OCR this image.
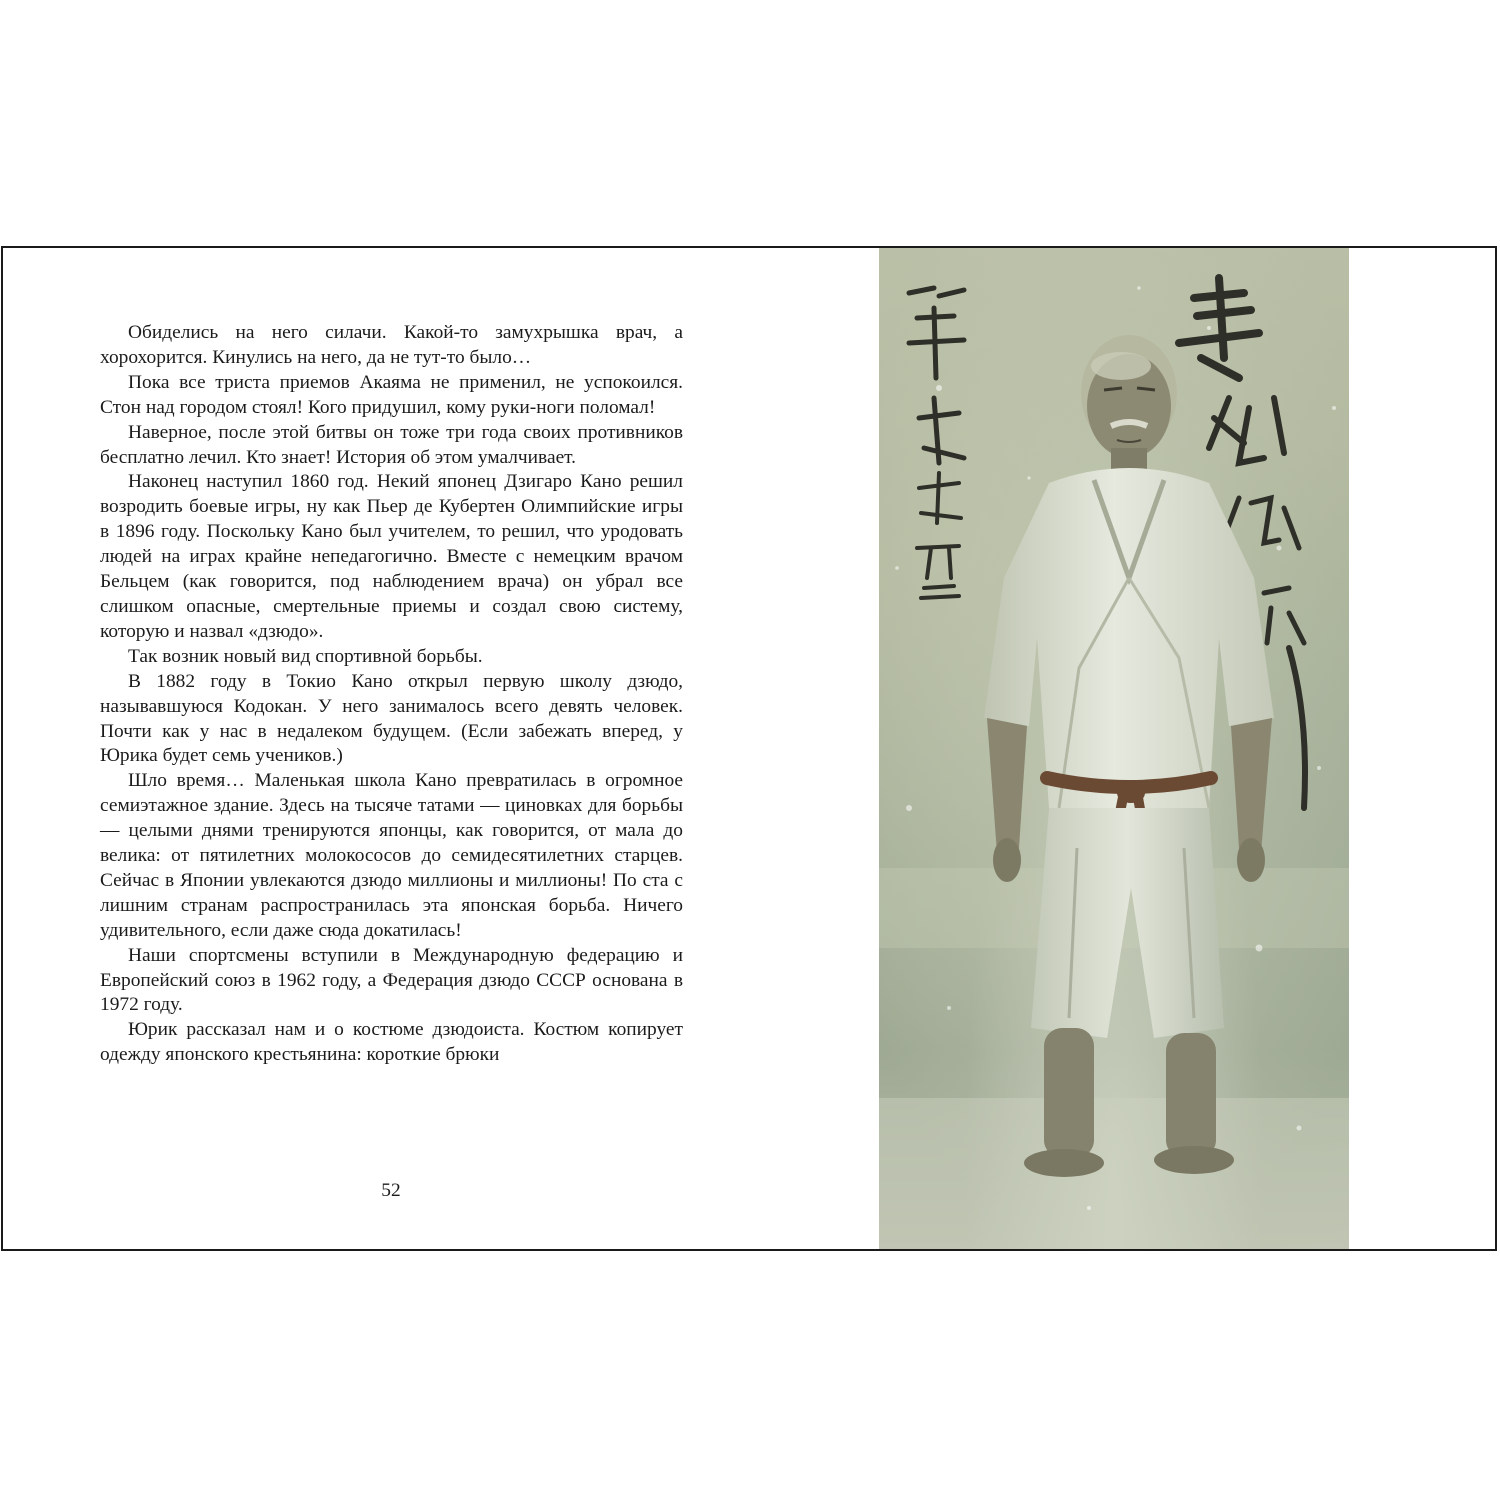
Обиделись на него силачи. Какой-то замухрышка врач, а хорохорится. Кинулись на него, да не тут-то было…

Пока все триста приемов Акаяма не применил, не успокоился. Стон над городом стоял! Кого придушил, кому руки-ноги поломал!

Наверное, после этой битвы он тоже три года своих противников бесплатно лечил. Кто знает! История об этом умалчивает.

Наконец наступил 1860 год. Некий японец Дзигаро Кано решил возродить боевые игры, ну как Пьер де Кубертен Олимпийские игры в 1896 году. Поскольку Кано был учителем, то решил, что уродовать людей на играх крайне непедагогично. Вместе с немецким врачом Бельцем (как говорится, под наблюдением врача) он убрал все слишком опасные, смертельные приемы и создал свою систему, которую и назвал «дзюдо».

Так возник новый вид спортивной борьбы.

В 1882 году в Токио Кано открыл первую школу дзюдо, называвшуюся Кодокан. У него занималось всего девять человек. Почти как у нас в недалеком будущем. (Если забежать вперед, у Юрика будет семь учеников.)

Шло время… Маленькая школа Кано превратилась в огромное семиэтажное здание. Здесь на тысяче татами — циновках для борьбы — целыми днями тренируются японцы, как говорится, от мала до велика: от пятилетних молокососов до семидесятилетних старцев. Сейчас в Японии увлекаются дзюдо миллионы и миллионы! По ста с лишним странам распространилась эта японская борьба. Ничего удивительного, если даже сюда докатилась!

Наши спортсмены вступили в Международную федерацию и Европейский союз в 1962 году, а Федерация дзюдо СССР основана в 1972 году.

Юрик рассказал нам и о костюме дзюдоиста. Костюм копирует одежду японского крестьянина: короткие брюки

52
